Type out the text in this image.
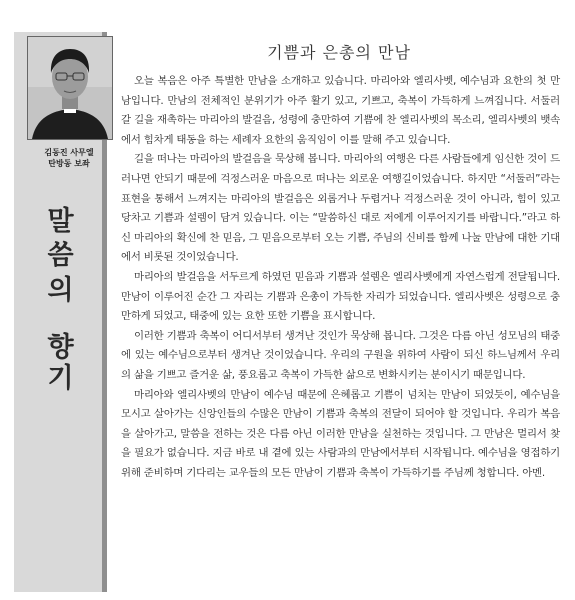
김동진 사무엘
탄방동 보좌
말
씀
의
향
기
기쁨과 은총의 만남

오늘 복음은 아주 특별한 만남을 소개하고 있습니다. 마리아와 엘리사벳, 예수님과 요한의 첫 만남입니다. 만남의 전체적인 분위기가 아주 활기 있고, 기쁘고, 축복이 가득하게 느껴집니다. 서둘러 갈 길을 재촉하는 마리아의 발걸음, 성령에 충만하여 기쁨에 찬 엘리사벳의 목소리, 엘리사벳의 뱃속에서 힘차게 태동을 하는 세례자 요한의 움직임이 이를 말해 주고 있습니다.

길을 떠나는 마리아의 발걸음을 묵상해 봅니다. 마리아의 여행은 다른 사람들에게 임신한 것이 드러나면 안되기 때문에 걱정스러운 마음으로 떠나는 외로운 여행길이었습니다. 하지만 “서둘러”라는 표현을 통해서 느껴지는 마리아의 발걸음은 외롭거나 두렵거나 걱정스러운 것이 아니라, 힘이 있고 당차고 기쁨과 설렘이 담겨 있습니다. 이는 “말씀하신 대로 저에게 이루어지기를 바랍니다.”라고 하신 마리아의 확신에 찬 믿음, 그 믿음으로부터 오는 기쁨, 주님의 신비를 함께 나눌 만남에 대한 기대에서 비롯된 것이었습니다.

마리아의 발걸음을 서두르게 하였던 믿음과 기쁨과 설렘은 엘리사벳에게 자연스럽게 전달됩니다. 만남이 이루어진 순간 그 자리는 기쁨과 은총이 가득한 자리가 되었습니다. 엘리사벳은 성령으로 충만하게 되었고, 태중에 있는 요한 또한 기쁨을 표시합니다.

이러한 기쁨과 축복이 어디서부터 생겨난 것인가 묵상해 봅니다. 그것은 다름 아닌 성모님의 태중에 있는 예수님으로부터 생겨난 것이었습니다. 우리의 구원을 위하여 사람이 되신 하느님께서 우리의 삶을 기쁘고 즐거운 삶, 풍요롭고 축복이 가득한 삶으로 변화시키는 분이시기 때문입니다.

마리아와 엘리사벳의 만남이 예수님 때문에 은혜롭고 기쁨이 넘치는 만남이 되었듯이, 예수님을 모시고 살아가는 신앙인들의 수많은 만남이 기쁨과 축복의 전달이 되어야 할 것입니다. 우리가 복음을 살아가고, 말씀을 전하는 것은 다름 아닌 이러한 만남을 실천하는 것입니다. 그 만남은 멀리서 찾을 필요가 없습니다. 지금 바로 내 곁에 있는 사람과의 만남에서부터 시작됩니다. 예수님을 영접하기 위해 준비하며 기다리는 교우들의 모든 만남이 기쁨과 축복이 가득하기를 주님께 청합니다. 아멘.
